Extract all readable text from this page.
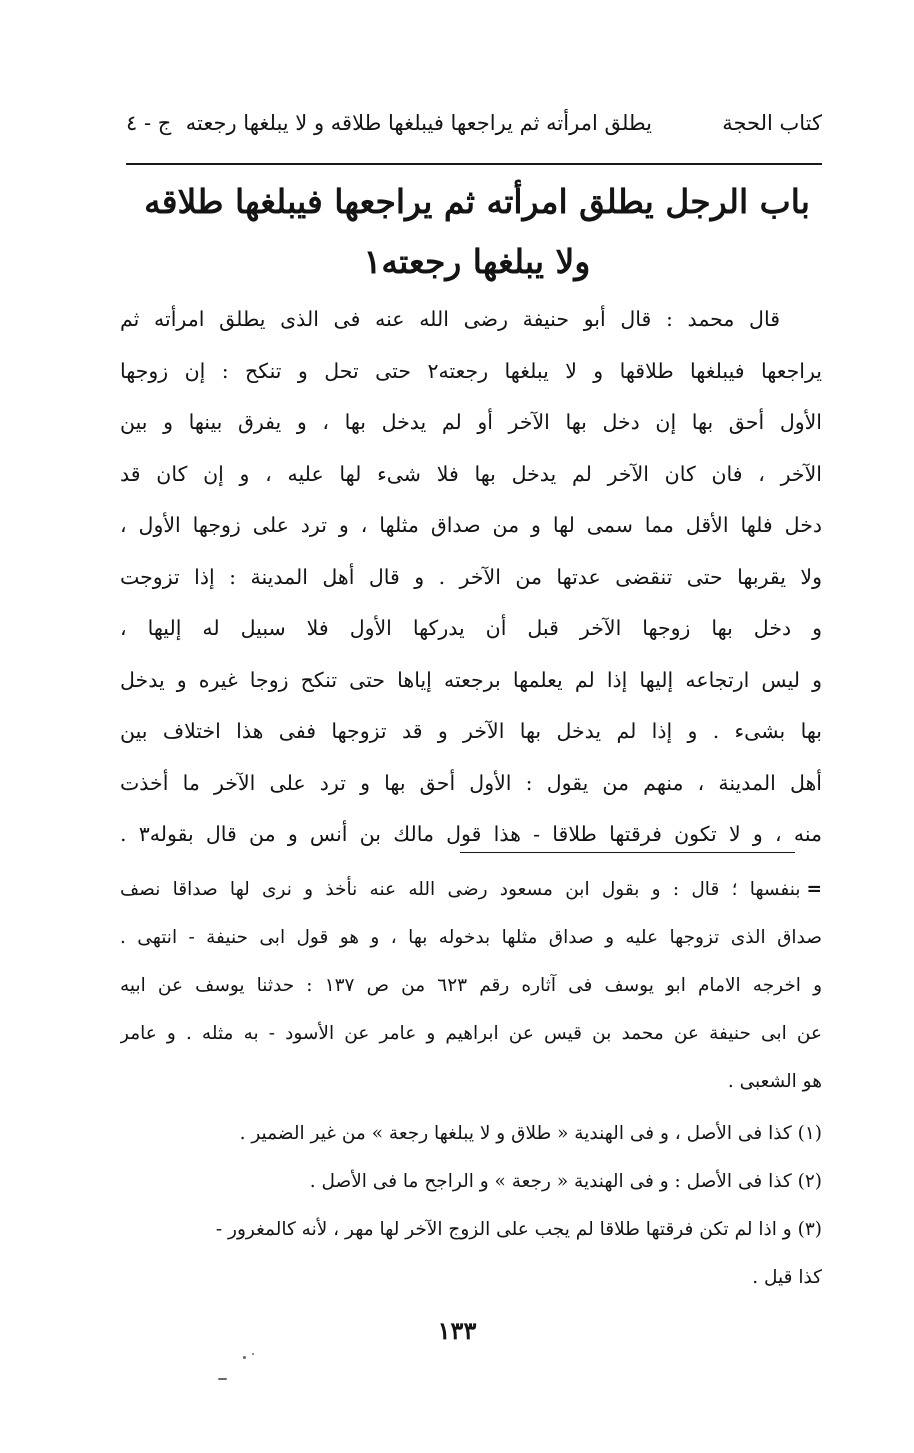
كتاب الحجة
يطلق امرأته ثم يراجعها فيبلغها طلاقه و لا يبلغها رجعته
ج - ٤
باب الرجل يطلق امرأته ثم يراجعها فيبلغها طلاقه
ولا يبلغها رجعته١
قال محمد : قال أبو حنيفة رضى الله عنه فى الذى يطلق امرأته ثم
يراجعها فيبلغها طلاقها و لا يبلغها رجعته٢ حتى تحل و تنكح : إن زوجها
الأول أحق بها إن دخل بها الآخر أو لم يدخل بها ، و يفرق بينها و بين
الآخر ، فان كان الآخر لم يدخل بها فلا شىء لها عليه ، و إن كان قد
دخل فلها الأقل مما سمى لها و من صداق مثلها ، و ترد على زوجها الأول ،
ولا يقربها حتى تنقضى عدتها من الآخر . و قال أهل المدينة : إذا تزوجت
و دخل بها زوجها الآخر قبل أن يدركها الأول فلا سبيل له إليها ،
و ليس ارتجاعه إليها إذا لم يعلمها برجعته إياها حتى تنكح زوجا غيره و يدخل
بها بشىء . و إذا لم يدخل بها الآخر و قد تزوجها ففى هذا اختلاف بين
أهل المدينة ، منهم من يقول : الأول أحق بها و ترد على الآخر ما أخذت
منه ، و لا تكون فرقتها طلاقا - هذا قول مالك بن أنس و من قال بقوله٣ .
=بنفسها ؛ قال : و بقول ابن مسعود رضى الله عنه نأخذ و نرى لها صداقا نصف
صداق الذى تزوجها عليه و صداق مثلها بدخوله بها ، و هو قول ابى حنيفة - انتهى .
و اخرجه الامام ابو يوسف فى آثاره رقم ٦٢٣ من ص ١٣٧ : حدثنا يوسف عن ابيه
عن ابى حنيفة عن محمد بن قيس عن ابراهيم و عامر عن الأسود - به مثله . و عامر
هو الشعبى .
(١) كذا فى الأصل ، و فى الهندية « طلاق و لا يبلغها رجعة » من غير الضمير .
(٢) كذا فى الأصل : و فى الهندية « رجعة » و الراجح ما فى الأصل .
(٣) و اذا لم تكن فرقتها طلاقا لم يجب على الزوج الآخر لها مهر ، لأنه كالمغرور -
كذا قيل .
١٣٣
